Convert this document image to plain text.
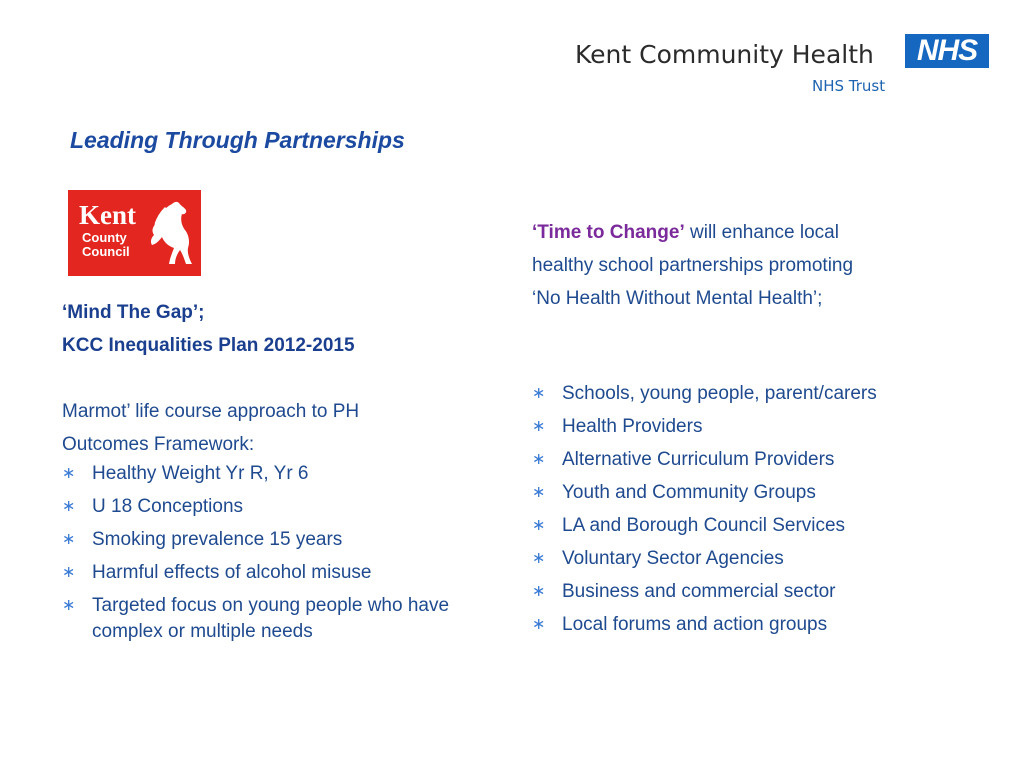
Kent Community Health
NHS Trust
NHS
Leading Through Partnerships
Kent
County
Council
‘Mind The Gap’;
KCC Inequalities Plan 2012-2015
Marmot’ life course approach to PH
Outcomes Framework:
∗ Healthy Weight Yr R, Yr 6
∗ U 18 Conceptions
∗ Smoking prevalence 15 years
∗ Harmful effects of alcohol misuse
∗ Targeted focus on young people who have complex or multiple needs
‘Time to Change’ will enhance local
healthy school partnerships promoting
‘No Health Without Mental Health’;
∗ Schools, young people, parent/carers
∗ Health Providers
∗ Alternative Curriculum Providers
∗ Youth and Community Groups
∗ LA and Borough Council Services
∗ Voluntary Sector Agencies
∗ Business and commercial sector
∗ Local forums and action groups
